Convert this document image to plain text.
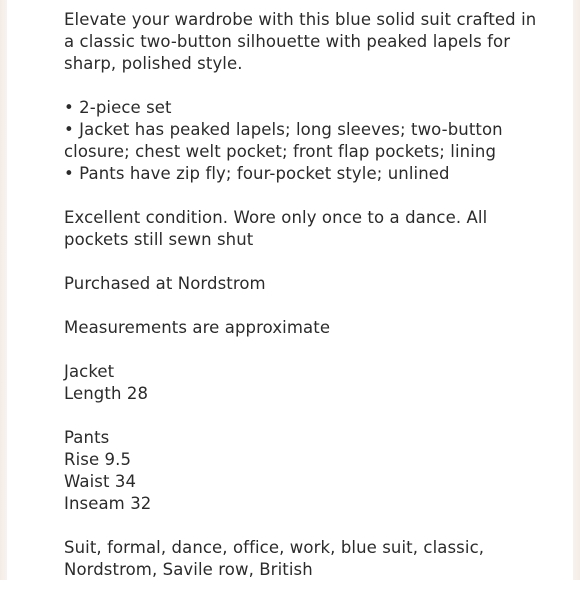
Elevate your wardrobe with this blue solid suit crafted in
a classic two-button silhouette with peaked lapels for
sharp, polished style.

• 2-piece set
• Jacket has peaked lapels; long sleeves; two-button
closure; chest welt pocket; front flap pockets; lining
• Pants have zip fly; four-pocket style; unlined

Excellent condition. Wore only once to a dance. All
pockets still sewn shut

Purchased at Nordstrom

Measurements are approximate

Jacket
Length 28

Pants
Rise 9.5
Waist 34
Inseam 32

Suit, formal, dance, office, work, blue suit, classic,
Nordstrom, Savile row, British
